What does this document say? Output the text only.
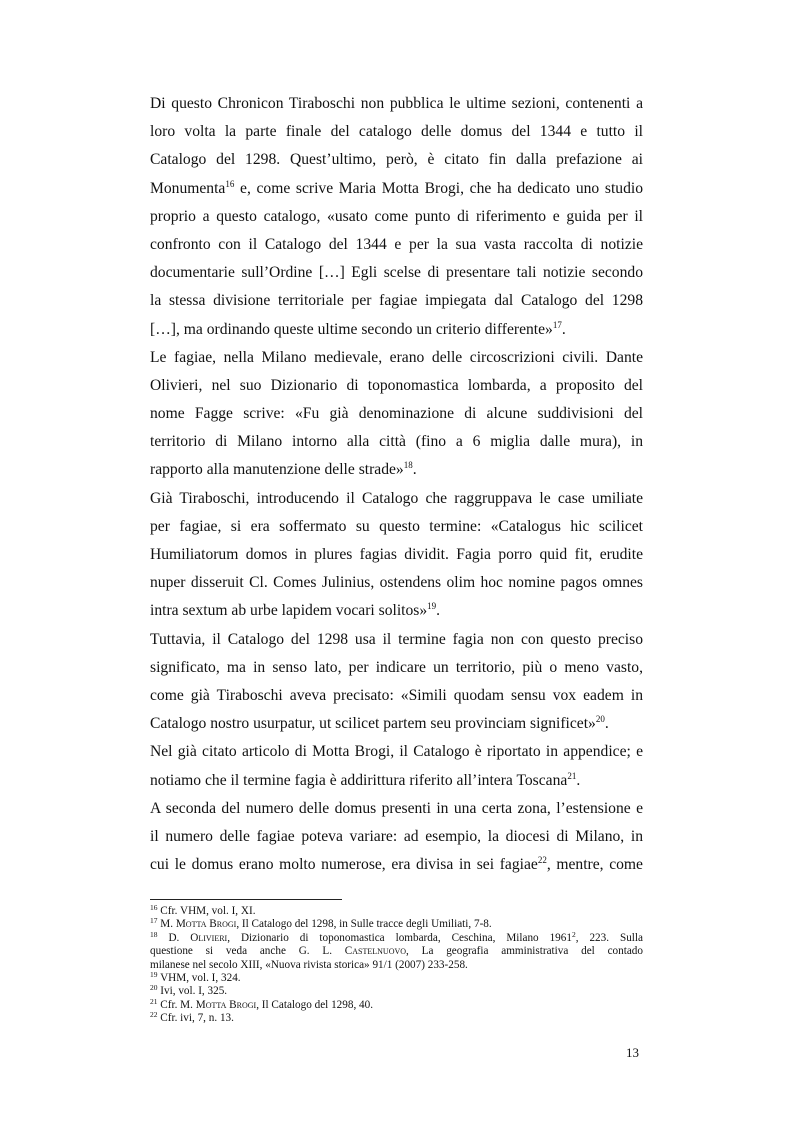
Di questo Chronicon Tiraboschi non pubblica le ultime sezioni, contenenti a
loro volta la parte finale del catalogo delle domus del 1344 e tutto il
Catalogo del 1298. Quest’ultimo, però, è citato fin dalla prefazione ai
Monumenta$^{16}$ e, come scrive Maria Motta Brogi, che ha dedicato uno studio
proprio a questo catalogo, «usato come punto di riferimento e guida per il
confronto con il Catalogo del 1344 e per la sua vasta raccolta di notizie
documentarie sull’Ordine […] Egli scelse di presentare tali notizie secondo
la stessa divisione territoriale per fagiae impiegata dal Catalogo del 1298
[…], ma ordinando queste ultime secondo un criterio differente»$^{17}$.
Le fagiae, nella Milano medievale, erano delle circoscrizioni civili. Dante
Olivieri, nel suo Dizionario di toponomastica lombarda, a proposito del
nome Fagge scrive: «Fu già denominazione di alcune suddivisioni del
territorio di Milano intorno alla città (fino a 6 miglia dalle mura), in
rapporto alla manutenzione delle strade»$^{18}$.
Già Tiraboschi, introducendo il Catalogo che raggruppava le case umiliate
per fagiae, si era soffermato su questo termine: «Catalogus hic scilicet
Humiliatorum domos in plures fagias dividit. Fagia porro quid fit, erudite
nuper disseruit Cl. Comes Julinius, ostendens olim hoc nomine pagos omnes
intra sextum ab urbe lapidem vocari solitos»$^{19}$.
Tuttavia, il Catalogo del 1298 usa il termine fagia non con questo preciso
significato, ma in senso lato, per indicare un territorio, più o meno vasto,
come già Tiraboschi aveva precisato: «Simili quodam sensu vox eadem in
Catalogo nostro usurpatur, ut scilicet partem seu provinciam significet»$^{20}$.
Nel già citato articolo di Motta Brogi, il Catalogo è riportato in appendice; e
notiamo che il termine fagia è addirittura riferito all’intera Toscana$^{21}$.
A seconda del numero delle domus presenti in una certa zona, l’estensione e
il numero delle fagiae poteva variare: ad esempio, la diocesi di Milano, in
cui le domus erano molto numerose, era divisa in sei fagiae$^{22}$, mentre, come
$^{16}$ Cfr. VHM, vol. I, XI.
$^{17}$ M. Motta Brogi, Il Catalogo del 1298, in Sulle tracce degli Umiliati, 7-8.
$^{18}$ D. Olivieri, Dizionario di toponomastica lombarda, Ceschina, Milano 1961$^2$, 223. Sulla
questione si veda anche G. L. Castelnuovo, La geografia amministrativa del contado
milanese nel secolo XIII, «Nuova rivista storica» 91/1 (2007) 233-258.
$^{19}$ VHM, vol. I, 324.
$^{20}$ Ivi, vol. I, 325.
$^{21}$ Cfr. M. Motta Brogi, Il Catalogo del 1298, 40.
$^{22}$ Cfr. ivi, 7, n. 13.
13
